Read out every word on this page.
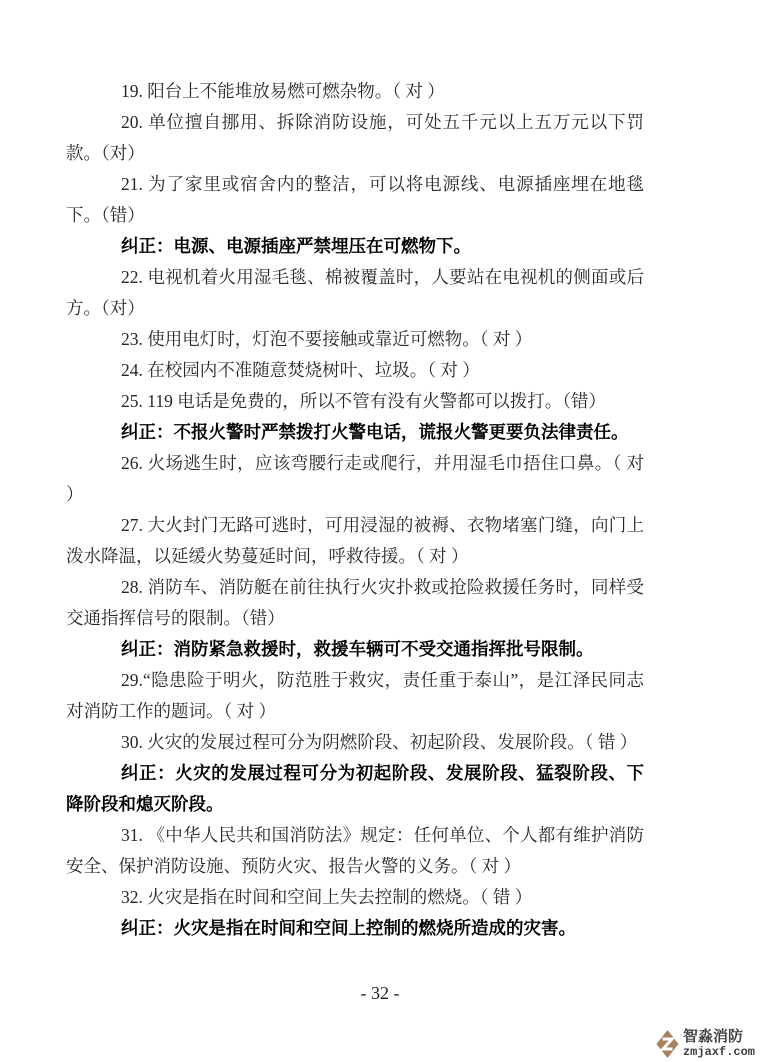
19. 阳台上不能堆放易燃可燃杂物。（ 对 ）

20. 单位擅自挪用、拆除消防设施，可处五千元以上五万元以下罚款。（对）

21. 为了家里或宿舍内的整洁，可以将电源线、电源插座埋在地毯下。（错）

纠正：电源、电源插座严禁埋压在可燃物下。

22. 电视机着火用湿毛毯、棉被覆盖时，人要站在电视机的侧面或后方。（对）

23. 使用电灯时，灯泡不要接触或靠近可燃物。（ 对 ）

24. 在校园内不准随意焚烧树叶、垃圾。（ 对 ）

25. 119 电话是免费的，所以不管有没有火警都可以拨打。（错）

纠正：不报火警时严禁拨打火警电话，谎报火警更要负法律责任。

26. 火场逃生时，应该弯腰行走或爬行，并用湿毛巾捂住口鼻。（ 对 ）

27. 大火封门无路可逃时，可用浸湿的被褥、衣物堵塞门缝，向门上泼水降温，以延缓火势蔓延时间，呼救待援。（ 对 ）

28. 消防车、消防艇在前往执行火灾扑救或抢险救援任务时，同样受交通指挥信号的限制。（错）

纠正：消防紧急救援时，救援车辆可不受交通指挥批号限制。

29.“隐患险于明火，防范胜于救灾，责任重于泰山”，是江泽民同志对消防工作的题词。（ 对 ）

30. 火灾的发展过程可分为阴燃阶段、初起阶段、发展阶段。（ 错 ）

纠正：火灾的发展过程可分为初起阶段、发展阶段、猛裂阶段、下降阶段和熄灭阶段。

31. 《中华人民共和国消防法》规定：任何单位、个人都有维护消防安全、保护消防设施、预防火灾、报告火警的义务。（ 对 ）

32. 火灾是指在时间和空间上失去控制的燃烧。（ 错 ）

纠正：火灾是指在时间和空间上控制的燃烧所造成的灾害。

- 32 -
智淼消防
zmjaxf.com
